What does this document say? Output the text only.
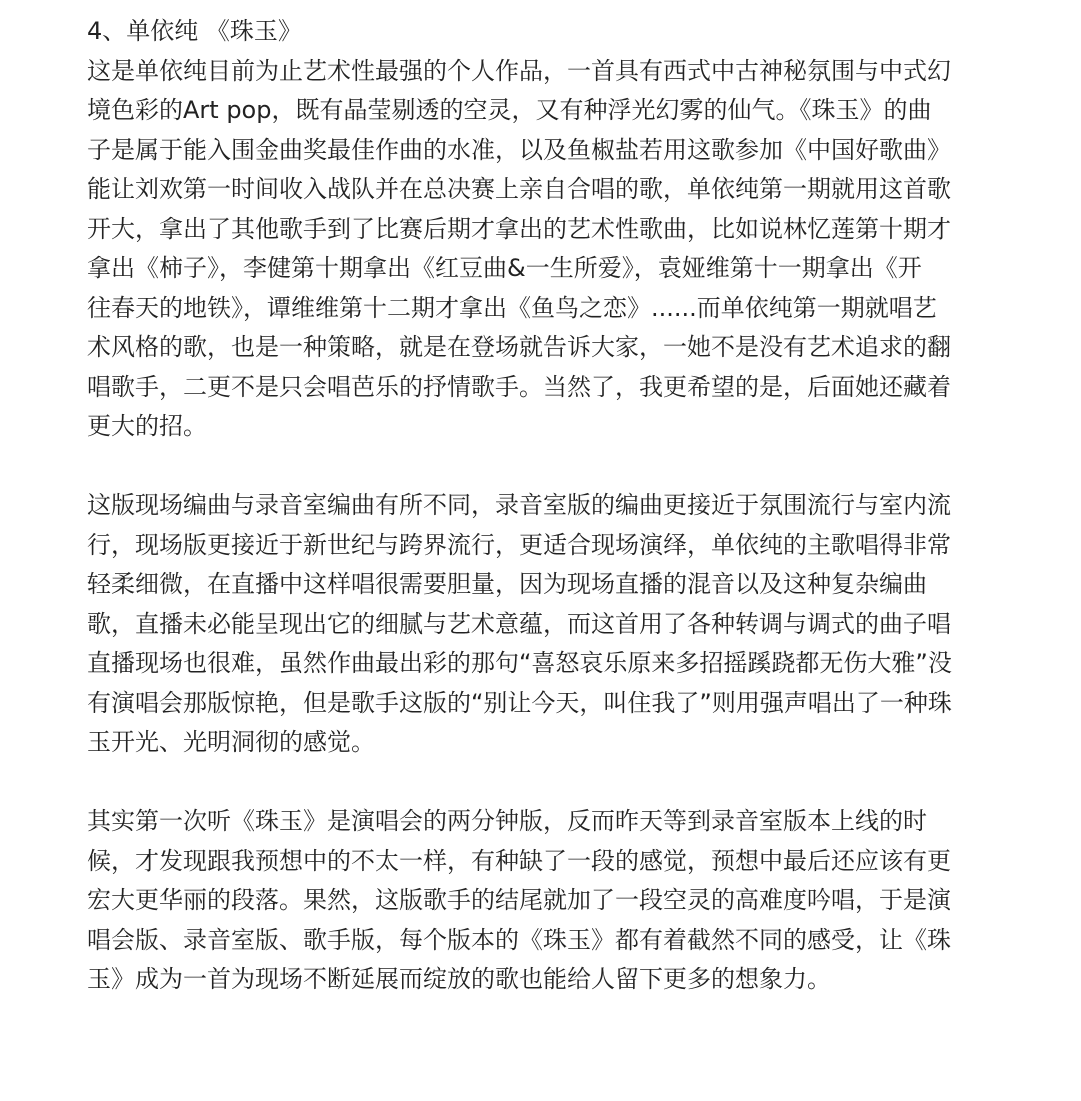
4、单依纯 《珠玉》

这是单依纯目前为止艺术性最强的个人作品，一首具有西式中古神秘氛围与中式幻
境色彩的Art pop，既有晶莹剔透的空灵，又有种浮光幻雾的仙气。《珠玉》的曲
子是属于能入围金曲奖最佳作曲的水准，以及鱼椒盐若用这歌参加《中国好歌曲》
能让刘欢第一时间收入战队并在总决赛上亲自合唱的歌，单依纯第一期就用这首歌
开大，拿出了其他歌手到了比赛后期才拿出的艺术性歌曲，比如说林忆莲第十期才
拿出《柿子》，李健第十期拿出《红豆曲&一生所爱》，袁娅维第十一期拿出《开
往春天的地铁》，谭维维第十二期才拿出《鱼鸟之恋》......而单依纯第一期就唱艺
术风格的歌，也是一种策略，就是在登场就告诉大家，一她不是没有艺术追求的翻
唱歌手，二更不是只会唱芭乐的抒情歌手。当然了，我更希望的是，后面她还藏着
更大的招。

这版现场编曲与录音室编曲有所不同，录音室版的编曲更接近于氛围流行与室内流
行，现场版更接近于新世纪与跨界流行，更适合现场演绎，单依纯的主歌唱得非常
轻柔细微，在直播中这样唱很需要胆量，因为现场直播的混音以及这种复杂编曲
歌，直播未必能呈现出它的细腻与艺术意蕴，而这首用了各种转调与调式的曲子唱
直播现场也很难，虽然作曲最出彩的那句“喜怒哀乐原来多招摇蹊跷都无伤大雅”没
有演唱会那版惊艳，但是歌手这版的“别让今天，叫住我了”则用强声唱出了一种珠
玉开光、光明洞彻的感觉。

其实第一次听《珠玉》是演唱会的两分钟版，反而昨天等到录音室版本上线的时
候，才发现跟我预想中的不太一样，有种缺了一段的感觉，预想中最后还应该有更
宏大更华丽的段落。果然，这版歌手的结尾就加了一段空灵的高难度吟唱，于是演
唱会版、录音室版、歌手版，每个版本的《珠玉》都有着截然不同的感受，让《珠
玉》成为一首为现场不断延展而绽放的歌也能给人留下更多的想象力。
